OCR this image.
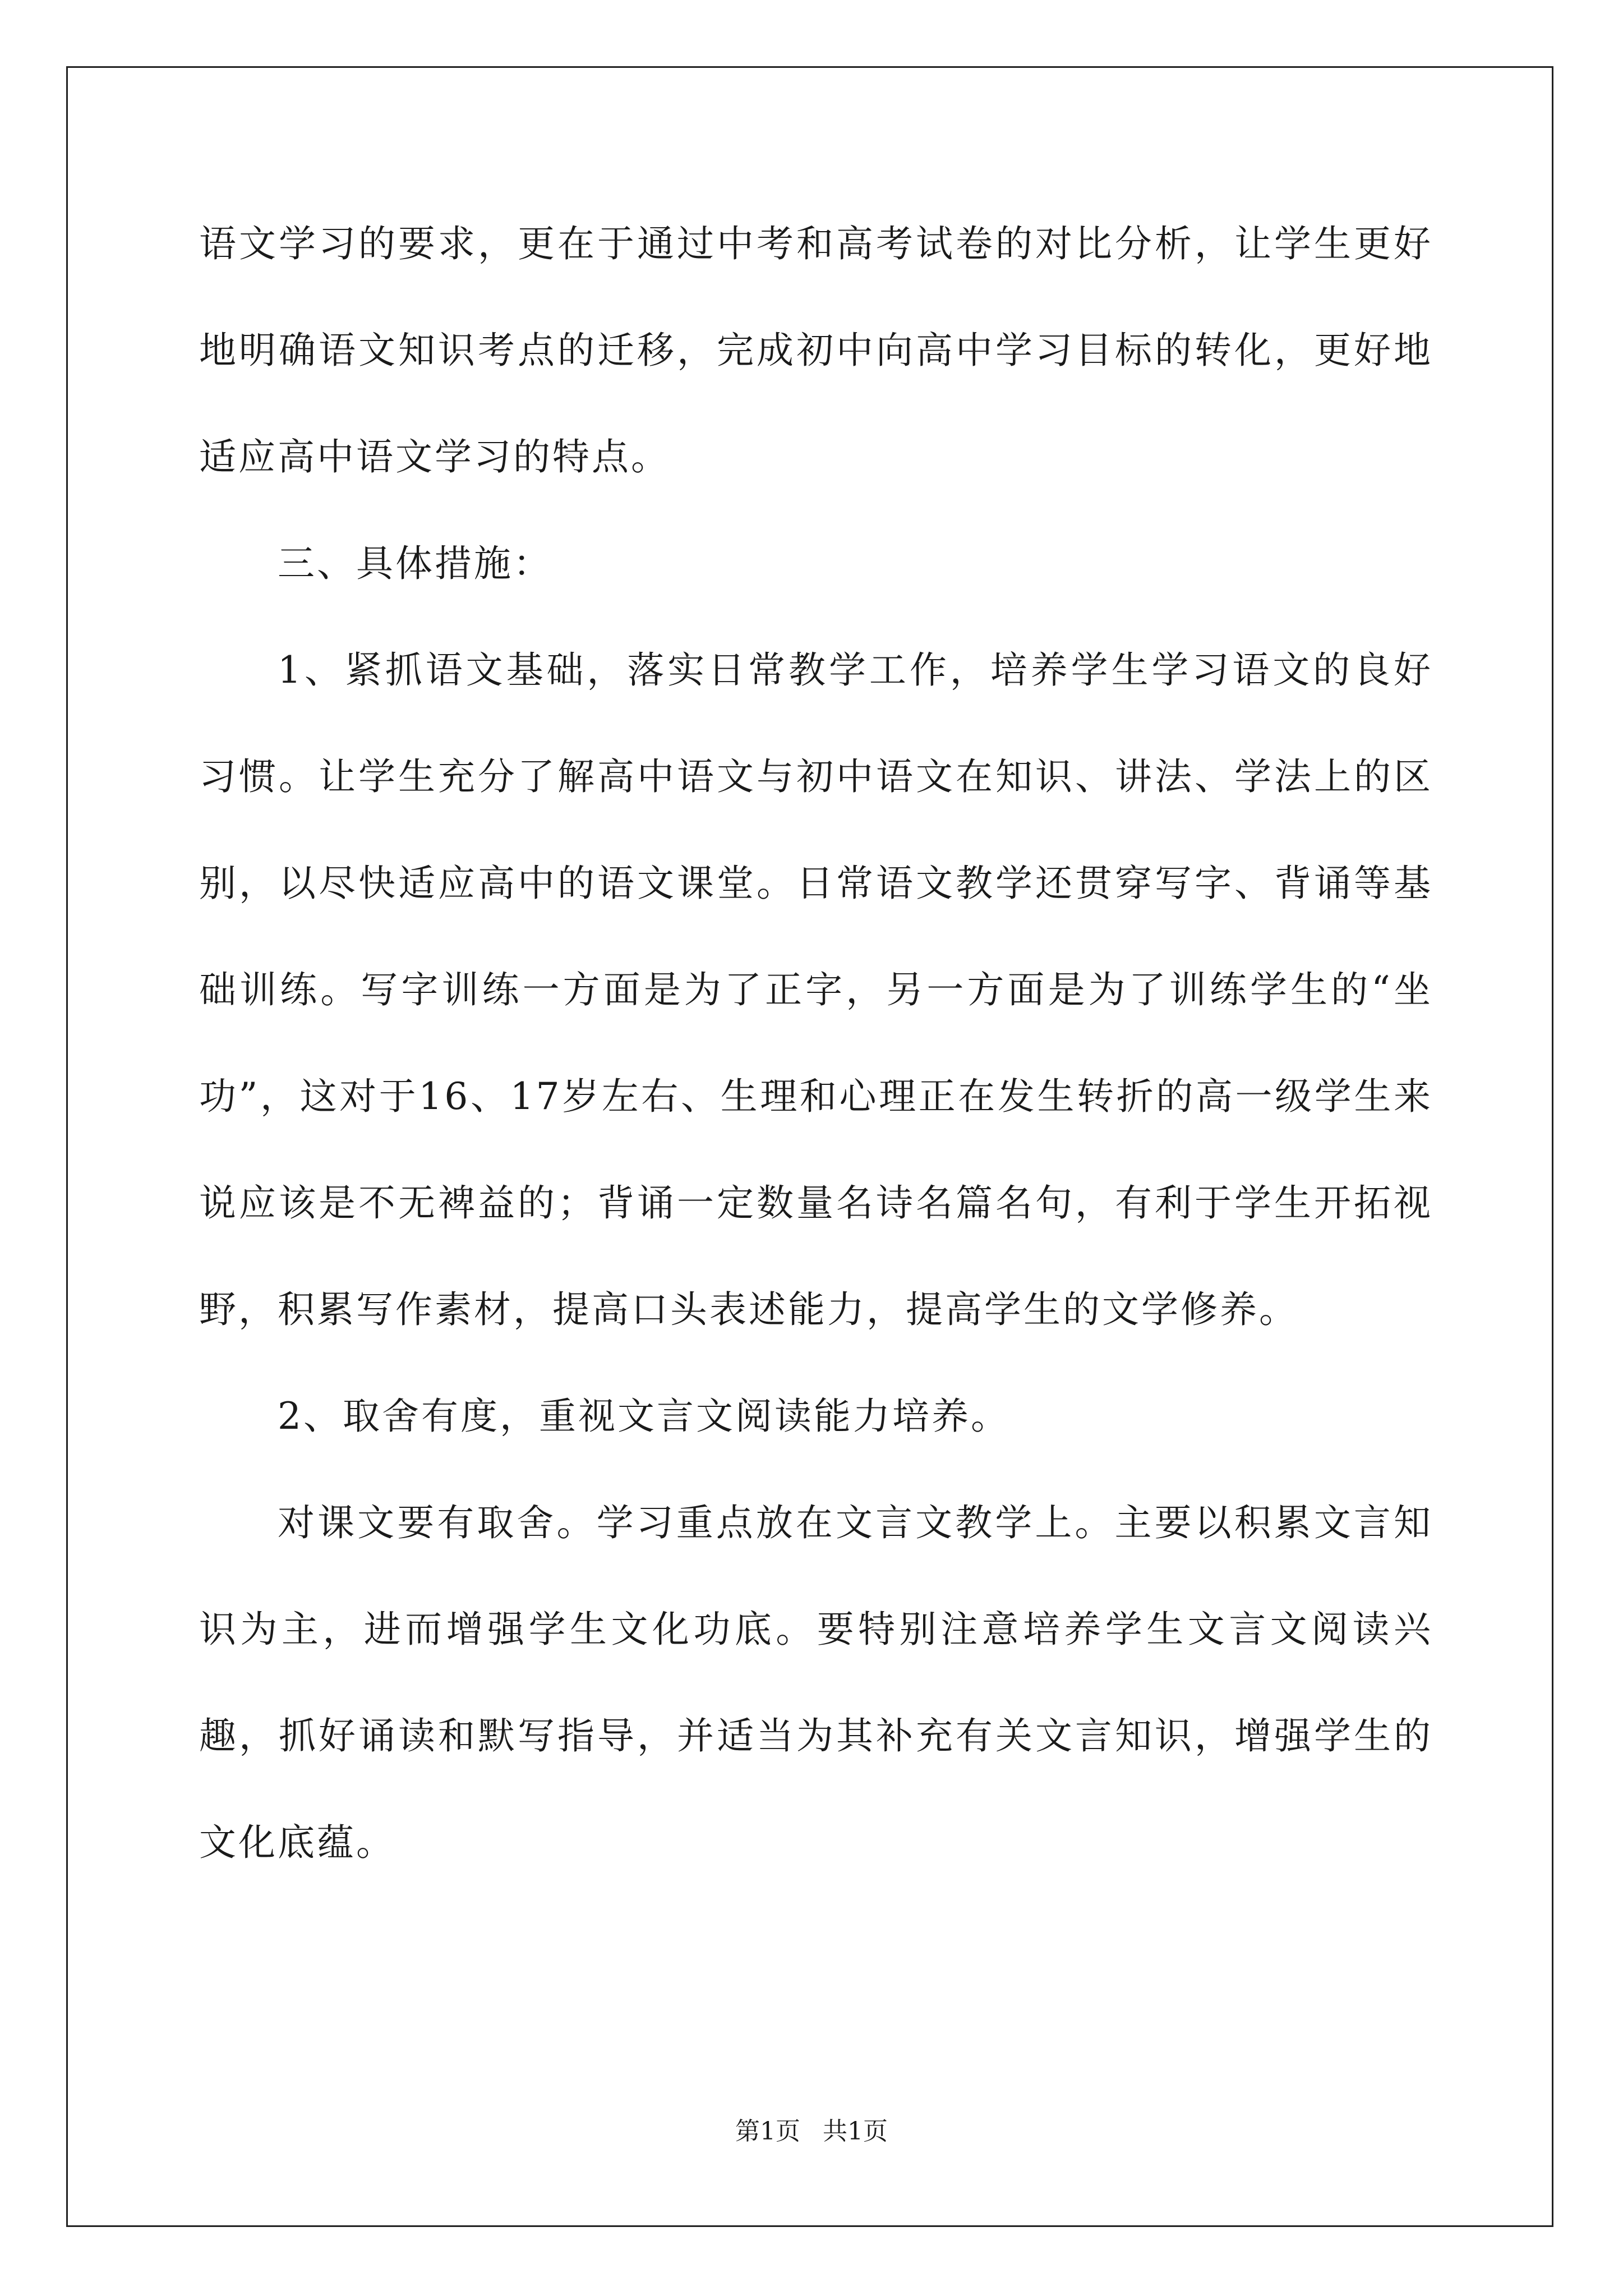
语文学习的要求，更在于通过中考和高考试卷的对比分析，让学生更好地明确语文知识考点的迁移，完成初中向高中学习目标的转化，更好地适应高中语文学习的特点。

三、具体措施：

1、紧抓语文基础，落实日常教学工作，培养学生学习语文的良好习惯。让学生充分了解高中语文与初中语文在知识、讲法、学法上的区别，以尽快适应高中的语文课堂。日常语文教学还贯穿写字、背诵等基础训练。写字训练一方面是为了正字，另一方面是为了训练学生的“坐功”，这对于16、17岁左右、生理和心理正在发生转折的高一级学生来说应该是不无裨益的；背诵一定数量名诗名篇名句，有利于学生开拓视野，积累写作素材，提高口头表述能力，提高学生的文学修养。

2、取舍有度，重视文言文阅读能力培养。

对课文要有取舍。学习重点放在文言文教学上。主要以积累文言知识为主，进而增强学生文化功底。要特别注意培养学生文言文阅读兴趣，抓好诵读和默写指导，并适当为其补充有关文言知识，增强学生的文化底蕴。

第1页 共1页
